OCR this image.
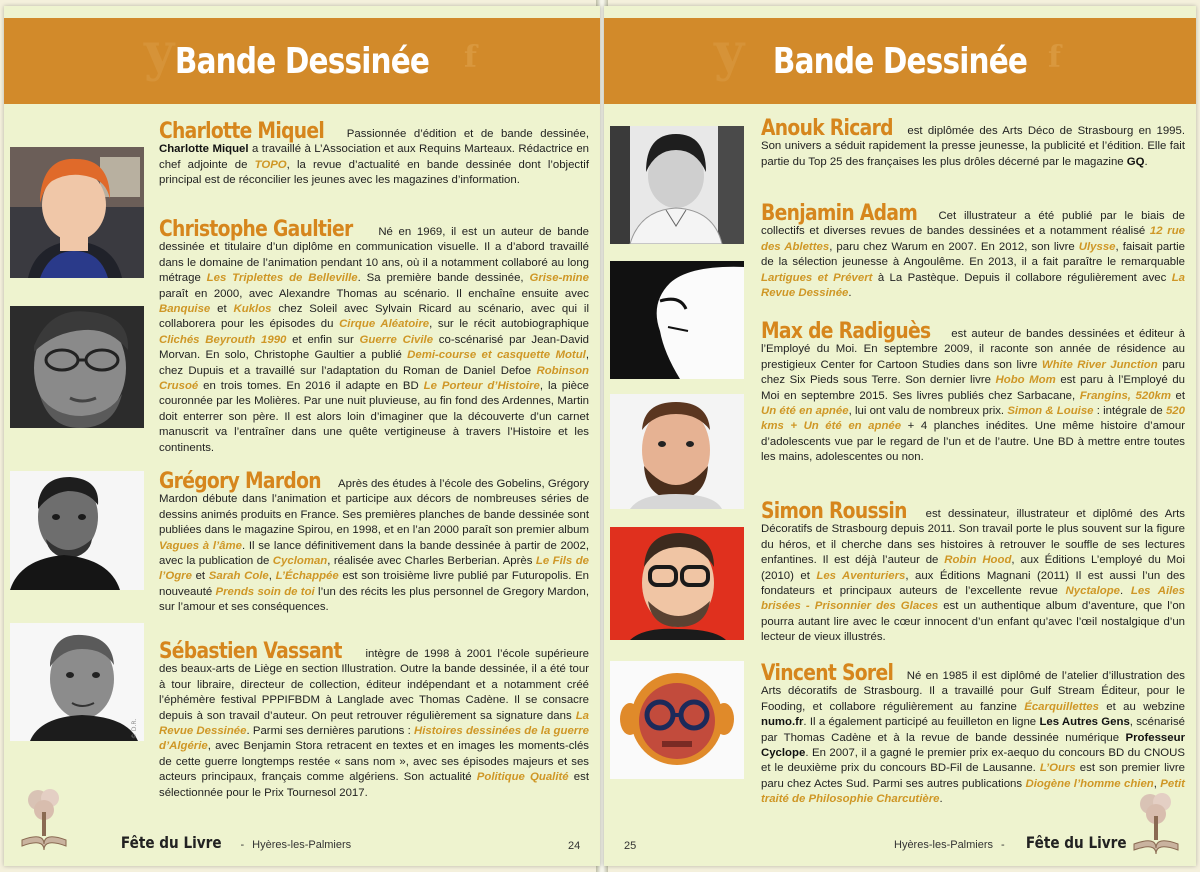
y Bande Dessinée f
© D.R.
Charlotte Miquel Passionnée d’édition et de bande dessinée, Charlotte Miquel a travaillé à L’Association et aux Requins Marteaux. Rédactrice en chef adjointe de TOPO, la revue d’actualité en bande dessinée dont l’objectif principal est de réconcilier les jeunes avec les magazines d’information.
Christophe Gaultier Né en 1969, il est un auteur de bande dessinée et titulaire d’un diplôme en communication visuelle. Il a d’abord travaillé dans le domaine de l’animation pendant 10 ans, où il a notamment collaboré au long métrage Les Triplettes de Belleville. Sa première bande dessinée, Grise-mine paraît en 2000, avec Alexandre Thomas au scénario. Il enchaîne ensuite avec Banquise et Kuklos chez Soleil avec Sylvain Ricard au scénario, avec qui il collaborera pour les épisodes du Cirque Aléatoire, sur le récit autobiographique Clichés Beyrouth 1990 et enfin sur Guerre Civile co-scénarisé par Jean-David Morvan. En solo, Christophe Gaultier a publié Demi-course et casquette Motul, chez Dupuis et a travaillé sur l’adaptation du Roman de Daniel Defoe Robinson Crusoé en trois tomes. En 2016 il adapte en BD Le Porteur d’Histoire, la pièce couronnée par les Molières. Par une nuit pluvieuse, au fin fond des Ardennes, Martin doit enterrer son père. Il est alors loin d’imaginer que la découverte d’un carnet manuscrit va l’entraîner dans une quête vertigineuse à travers l’Histoire et les continents.
Grégory Mardon Après des études à l’école des Gobelins, Grégory Mardon débute dans l’animation et participe aux décors de nombreuses séries de dessins animés produits en France. Ses premières planches de bande dessinée sont publiées dans le magazine Spirou, en 1998, et en l’an 2000 paraît son premier album Vagues à l’âme. Il se lance définitivement dans la bande dessinée à partir de 2002, avec la publication de Cycloman, réalisée avec Charles Berberian. Après Le Fils de l’Ogre et Sarah Cole, L’Échappée est son troisième livre publié par Futuropolis. En nouveauté Prends soin de toi l’un des récits les plus personnel de Gregory Mardon, sur l’amour et ses conséquences.
Sébastien Vassant intègre de 1998 à 2001 l’école supérieure des beaux-arts de Liège en section Illustration. Outre la bande dessinée, il a été tour à tour libraire, directeur de collection, éditeur indépendant et a notamment créé l’éphémère festival PPPIFBDM à Langlade avec Thomas Cadène. Il se consacre depuis à son travail d’auteur. On peut retrouver régulièrement sa signature dans La Revue Dessinée. Parmi ses dernières parutions : Histoires dessinées de la guerre d’Algérie, avec Benjamin Stora retracent en textes et en images les moments-clés de cette guerre longtemps restée « sans nom », avec ses épisodes majeurs et ses acteurs principaux, français comme algériens. Son actualité Politique Qualité est sélectionnée pour le Prix Tournesol 2017.
Fête du Livre - Hyères-les-Palmiers	24
y Bande Dessinée f
Anouk Ricard est diplômée des Arts Déco de Strasbourg en 1995. Son univers a séduit rapidement la presse jeunesse, la publicité et l’édition. Elle fait partie du Top 25 des françaises les plus drôles décerné par le magazine GQ.
Benjamin Adam Cet illustrateur a été publié par le biais de collectifs et diverses revues de bandes dessinées et a notamment réalisé 12 rue des Ablettes, paru chez Warum en 2007. En 2012, son livre Ulysse, faisait partie de la sélection jeunesse à Angoulême. En 2013, il a fait paraître le remarquable Lartigues et Prévert à La Pastèque. Depuis il collabore régulièrement avec La Revue Dessinée.
Max de Radiguès est auteur de bandes dessinées et éditeur à l’Employé du Moi. En septembre 2009, il raconte son année de résidence au prestigieux Center for Cartoon Studies dans son livre White River Junction paru chez Six Pieds sous Terre. Son dernier livre Hobo Mom est paru à l’Employé du Moi en septembre 2015. Ses livres publiés chez Sarbacane, Frangins, 520km et Un été en apnée, lui ont valu de nombreux prix. Simon & Louise : intégrale de 520 kms + Un été en apnée + 4 planches inédites. Une même histoire d’amour d’adolescents vue par le regard de l’un et de l’autre. Une BD à mettre entre toutes les mains, adolescentes ou non.
Simon Roussin est dessinateur, illustrateur et diplômé des Arts Décoratifs de Strasbourg depuis 2011. Son travail porte le plus souvent sur la figure du héros, et il cherche dans ses histoires à retrouver le souffle de ses lectures enfantines. Il est déjà l’auteur de Robin Hood, aux Éditions L’employé du Moi (2010) et Les Aventuriers, aux Éditions Magnani (2011) Il est aussi l’un des fondateurs et principaux auteurs de l’excellente revue Nyctalope. Les Ailes brisées - Prisonnier des Glaces est un authentique album d’aventure, que l’on pourra autant lire avec le cœur innocent d’un enfant qu’avec l’œil nostalgique d’un lecteur de vieux illustrés.
Vincent Sorel Né en 1985 il est diplômé de l’atelier d’illustration des Arts décoratifs de Strasbourg. Il a travaillé pour Gulf Stream Éditeur, pour le Fooding, et collabore régulièrement au fanzine Écarquillettes et au webzine numo.fr. Il a également participé au feuilleton en ligne Les Autres Gens, scénarisé par Thomas Cadène et à la revue de bande dessinée numérique Professeur Cyclope. En 2007, il a gagné le premier prix ex-aequo du concours BD du CNOUS et le deuxième prix du concours BD-Fil de Lausanne. L’Ours est son premier livre paru chez Actes Sud. Parmi ses autres publications Diogène l’homme chien, Petit traité de Philosophie Charcutière.
25	Hyères-les-Palmiers - Fête du Livre
